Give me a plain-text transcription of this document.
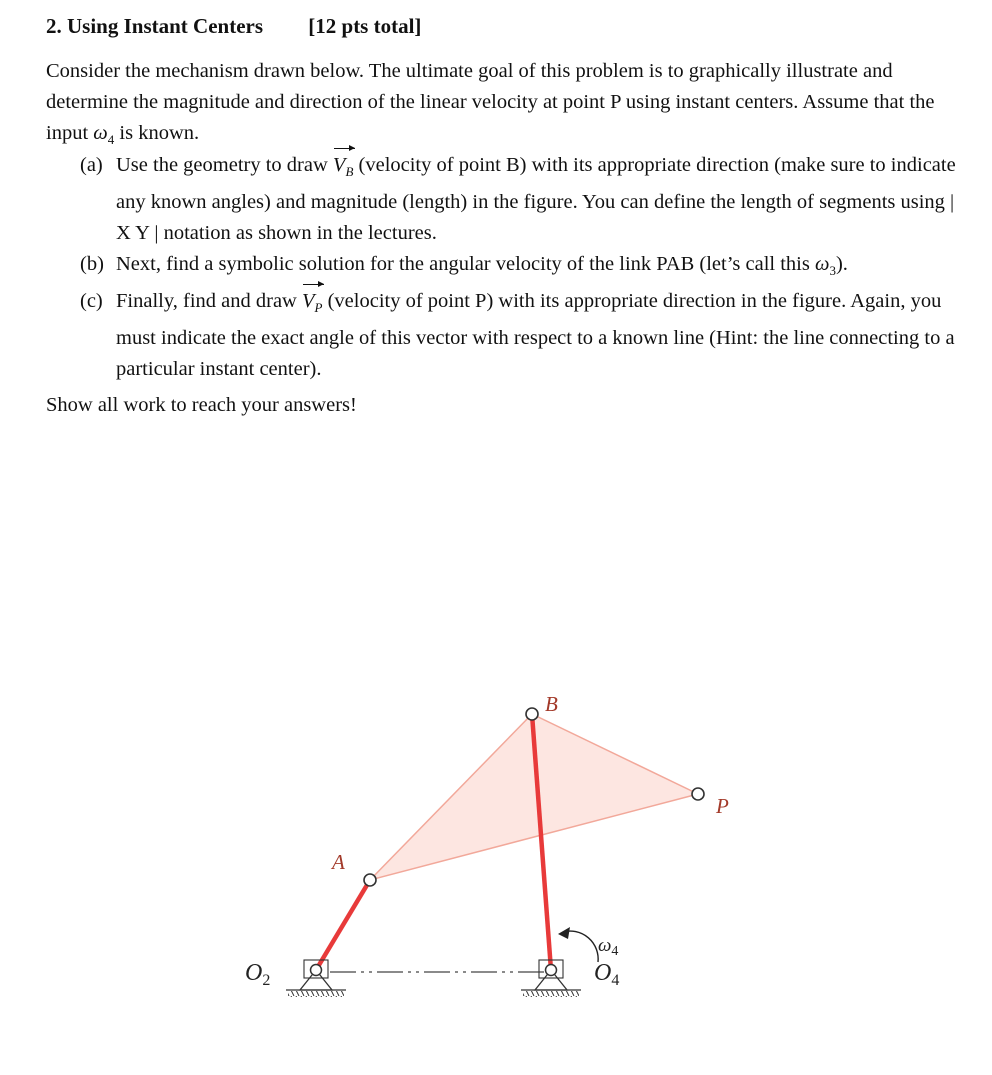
2. Using Instant Centers [12 pts total]
Consider the mechanism drawn below. The ultimate goal of this problem is to graphically illustrate and determine the magnitude and direction of the linear velocity at point P using instant centers. Assume that the input $\omega_4$ is known.
(a) Use the geometry to draw
$V_B$ (velocity of point B) with its appropriate direction (make sure to indicate any known angles) and magnitude (length) in the figure. You can define the length of segments using | X Y | notation as shown in the lectures.
(b) Next, find a symbolic solution for the angular velocity of the link PAB (let’s call this $\omega_3$).
(c) Finally, find and draw
$V_P$ (velocity of point P) with its appropriate direction in the figure. Again, you must indicate the exact angle of this vector with respect to a known line (Hint: the line connecting to a particular instant center).
Show all work to reach your answers!
B
P
A
$O_2$	$O_4$
$\omega_4$
